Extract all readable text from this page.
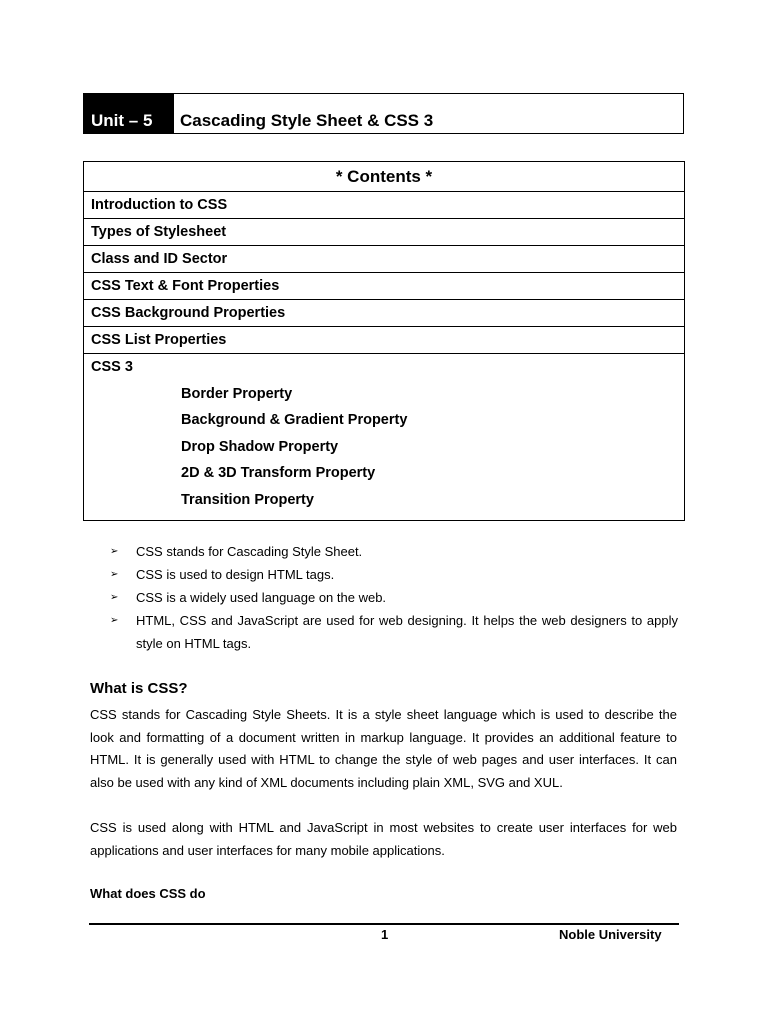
Unit – 5	Cascading Style Sheet & CSS 3
* Contents *
Introduction to CSS
Types of Stylesheet
Class and ID Sector
CSS Text & Font Properties
CSS Background Properties
CSS List Properties

CSS 3
Border Property
Background & Gradient Property
Drop Shadow Property
2D & 3D Transform Property
Transition Property
➢ CSS stands for Cascading Style Sheet.
➢ CSS is used to design HTML tags.
➢ CSS is a widely used language on the web.
➢ HTML, CSS and JavaScript are used for web designing. It helps the web designers to apply style on HTML tags.
What is CSS?
CSS stands for Cascading Style Sheets. It is a style sheet language which is used to describe the look and formatting of a document written in markup language. It provides an additional feature to HTML. It is generally used with HTML to change the style of web pages and user interfaces. It can also be used with any kind of XML documents including plain XML, SVG and XUL.
CSS is used along with HTML and JavaScript in most websites to create user interfaces for web applications and user interfaces for many mobile applications.
What does CSS do
1	Noble University
